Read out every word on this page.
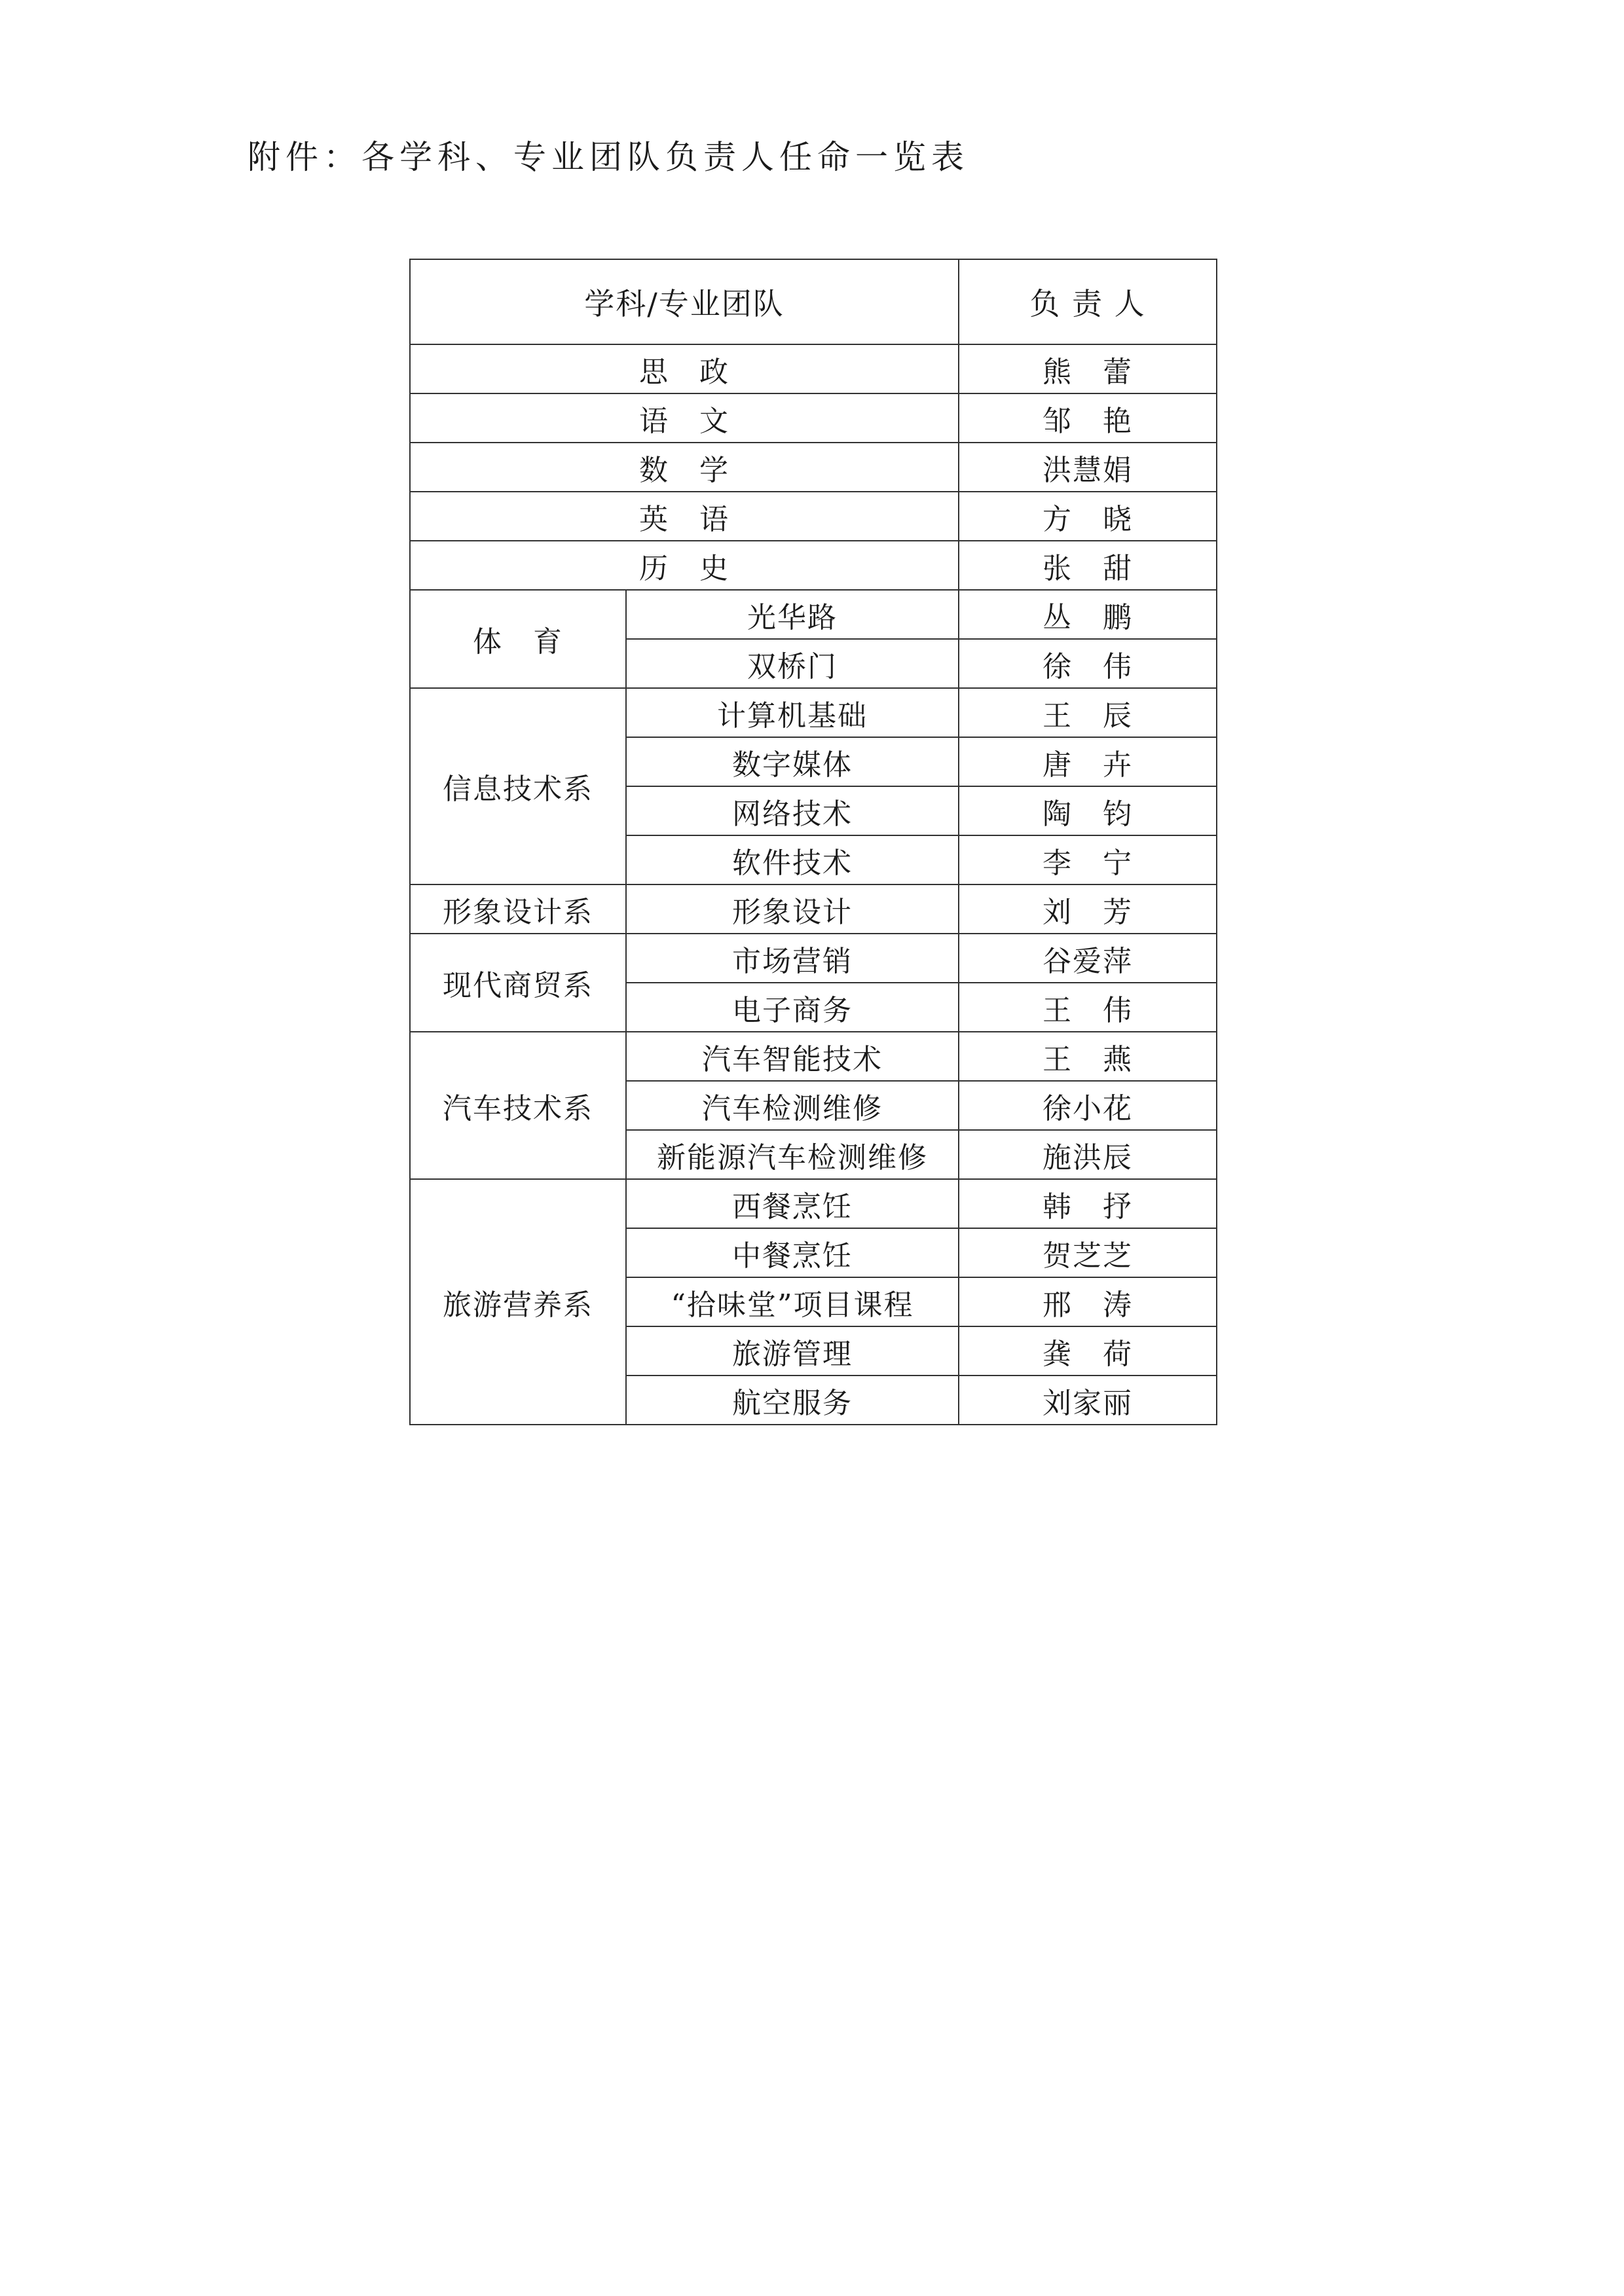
附件：各学科、专业团队负责人任命一览表
学科/专业团队		负 责 人
思　政		熊　蕾
语　文		邹　艳
数　学		洪慧娟
英　语		方　晓
历　史		张　甜
体　育	光华路	丛　鹏
	双桥门	徐　伟
信息技术系	计算机基础	王　辰
	数字媒体	唐　卉
	网络技术	陶　钧
	软件技术	李　宁
形象设计系	形象设计	刘　芳
现代商贸系	市场营销	谷爱萍
	电子商务	王　伟
汽车技术系	汽车智能技术	王　燕
	汽车检测维修	徐小花
	新能源汽车检测维修	施洪辰
旅游营养系	西餐烹饪	韩　抒
	中餐烹饪	贺芝芝
	“拾味堂”项目课程	邢　涛
	旅游管理	龚　荷
	航空服务	刘家丽
